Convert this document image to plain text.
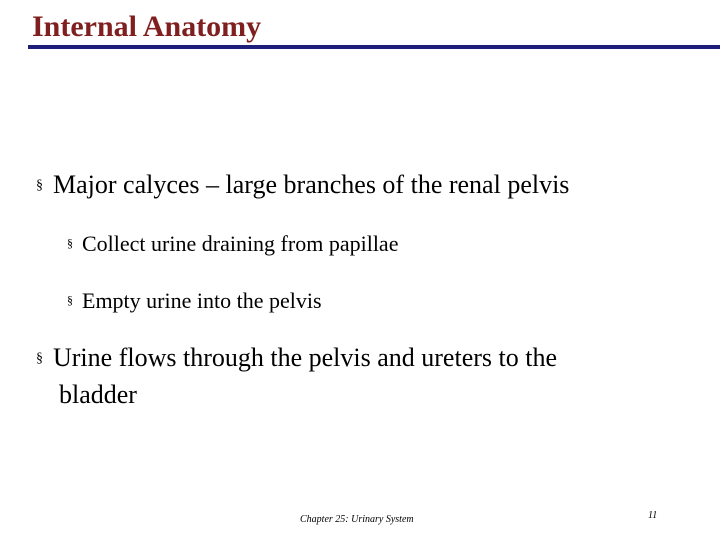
Internal Anatomy
§ Major calyces – large branches of the renal pelvis
§ Collect urine draining from papillae
§ Empty urine into the pelvis
§ Urine flows through the pelvis and ureters to the
bladder
Chapter 25: Urinary System	11
